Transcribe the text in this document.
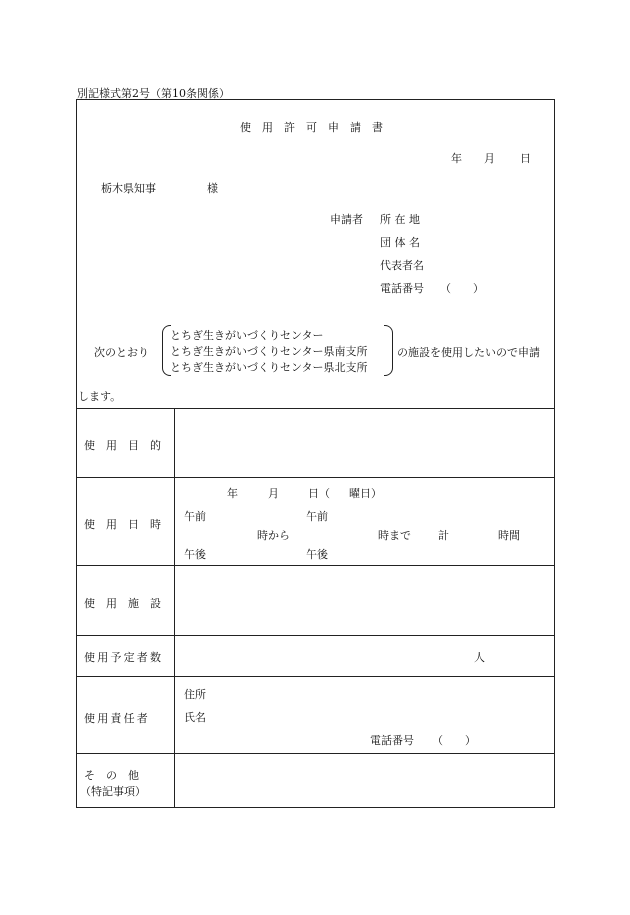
別記様式第2号（第10条関係）
使　用　許　可　申　請　書
年 月 日
栃木県知事	様
申請者 所 在 地
団 体 名
代表者名
電話番号 （　　）
次のとおり
とちぎ生きがいづくりセンター
とちぎ生きがいづくりセンター県南支所
とちぎ生きがいづくりセンター県北支所
の施設を使用したいので申請
します。
使　用　目　的
使　用　日　時
年	月	日（ 曜日）
午前	午前
時から	時まで 計	時間
午後	午後
使　用　施　設
使用予定者数	人
使用責任者
住所
氏名
電話番号 （　　）
そ　の　他
（特記事項）
